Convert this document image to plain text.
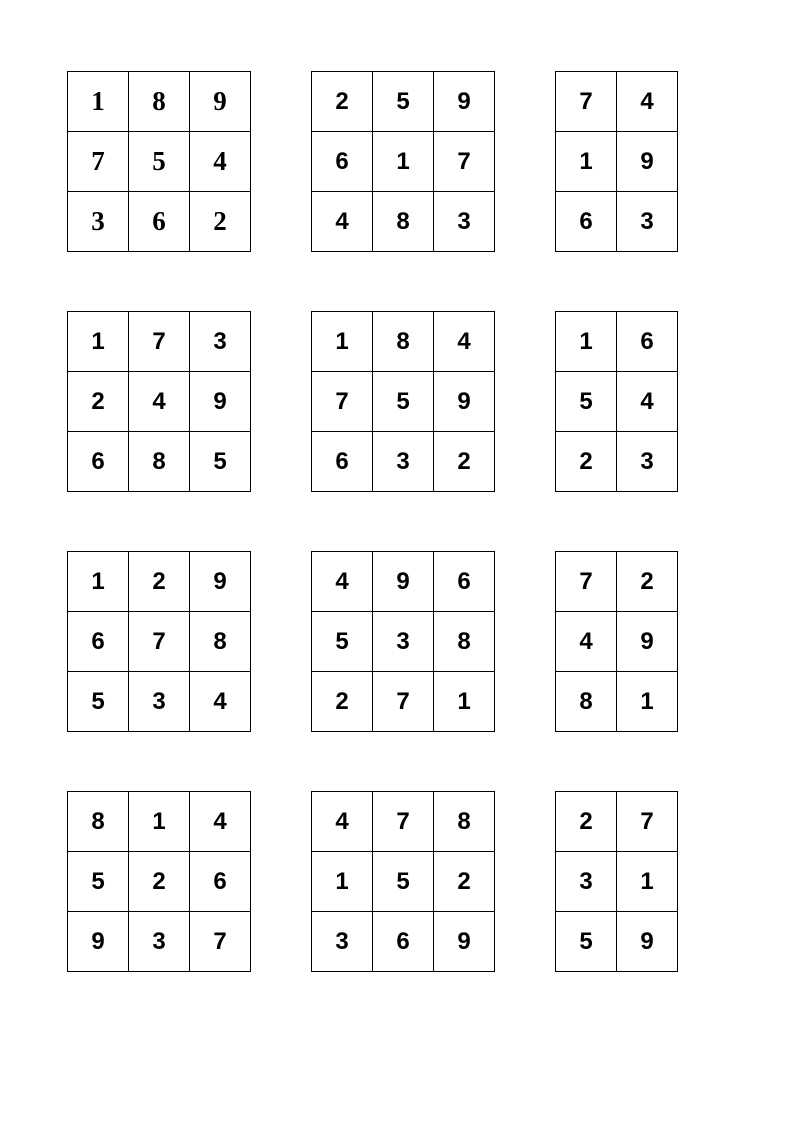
1	8	9
7	5	4
3	6	2
2	5	9
6	1	7
4	8	3
7	4
1	9
6	3
1	7	3
2	4	9
6	8	5
1	8	4
7	5	9
6	3	2
1	6
5	4
2	3
1	2	9
6	7	8
5	3	4
4	9	6
5	3	8
2	7	1
7	2
4	9
8	1
8	1	4
5	2	6
9	3	7
4	7	8
1	5	2
3	6	9
2	7
3	1
5	9
